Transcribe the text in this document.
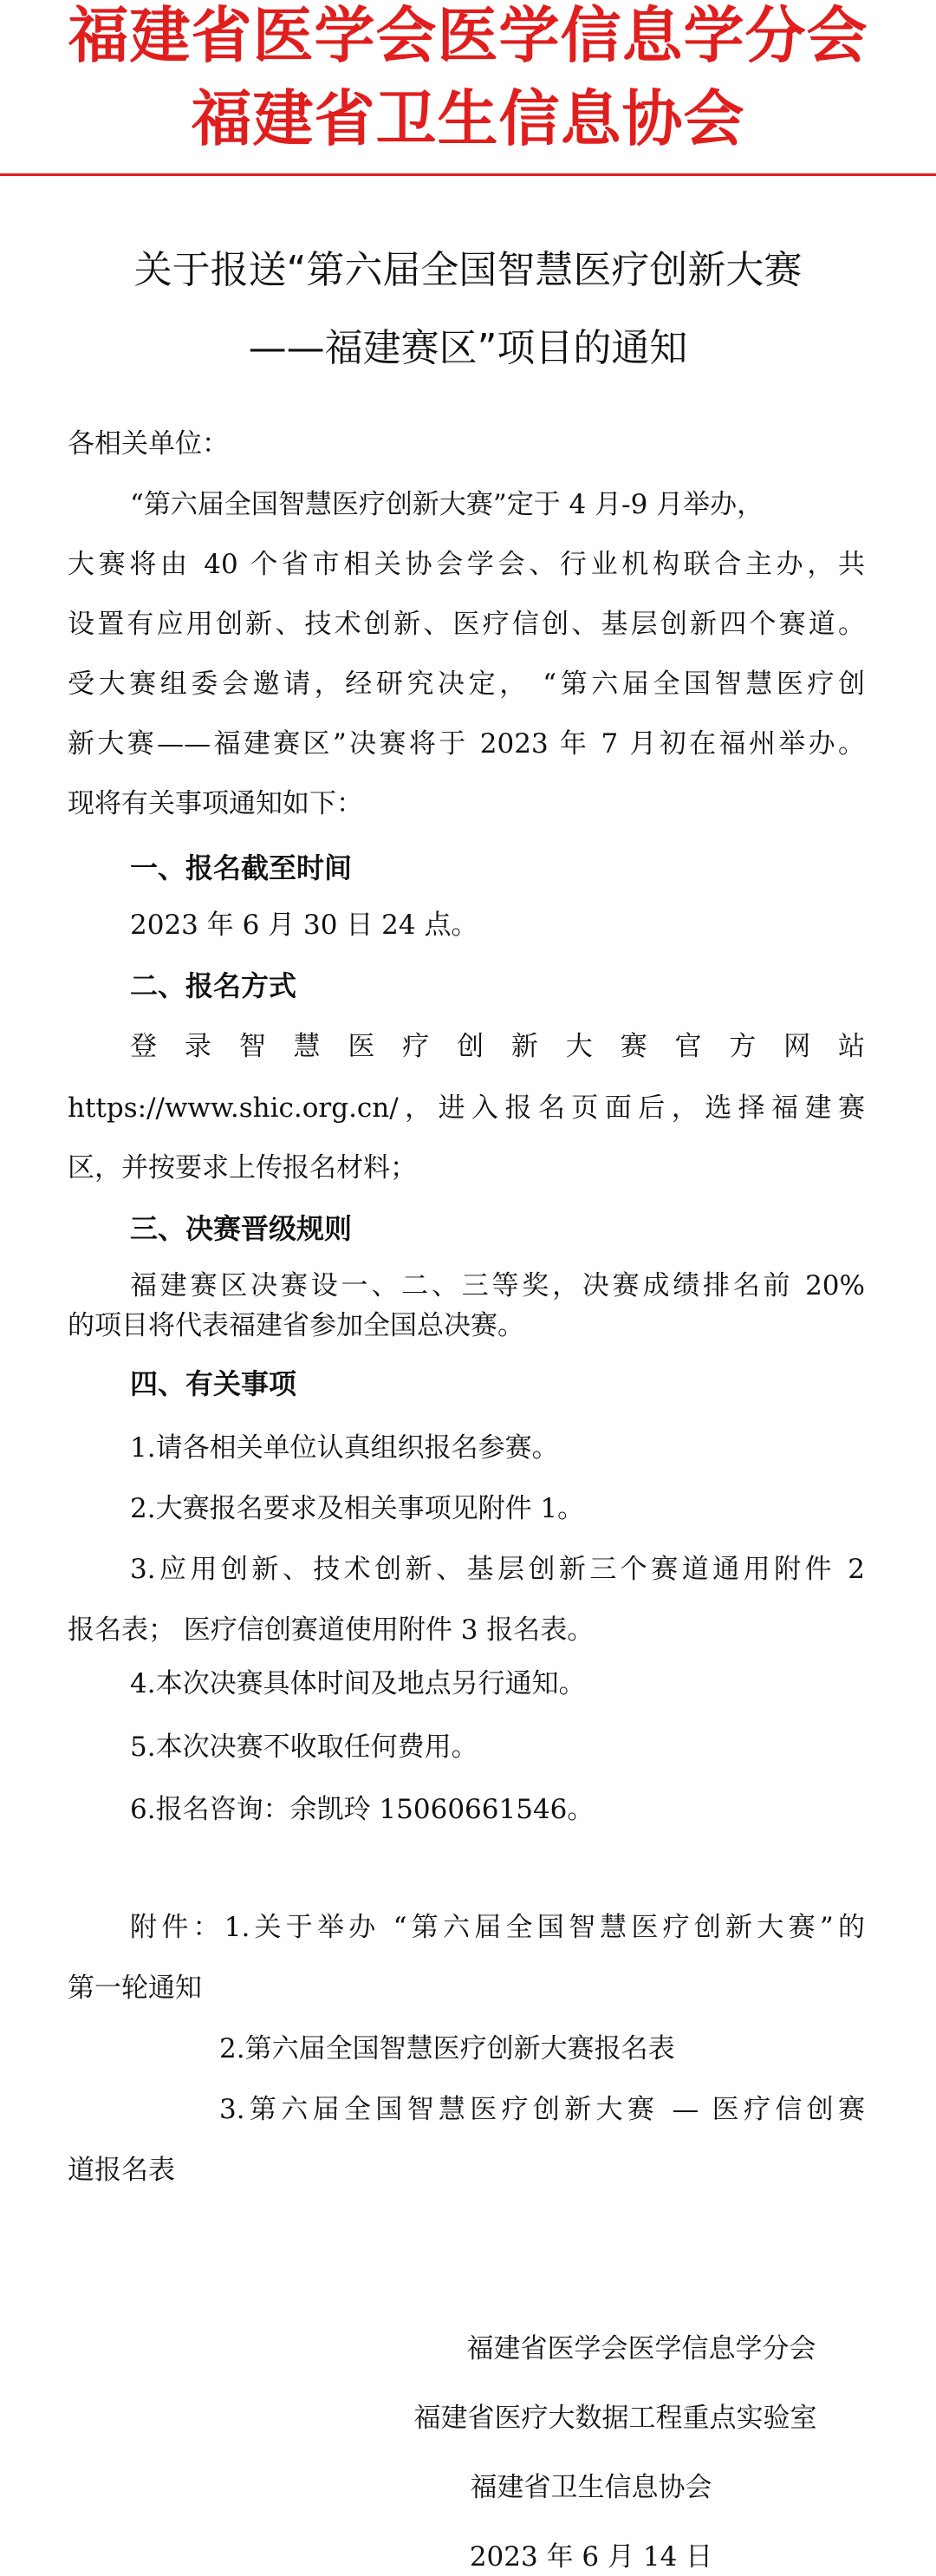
福建省医学会医学信息学分会
福建省卫生信息协会
关于报送“第六届全国智慧医疗创新大赛
——福建赛区”项目的通知
各相关单位：
“第六届全国智慧医疗创新大赛”定于 4 月-9 月举办，
大赛将由 40 个省市相关协会学会、行业机构联合主办，共
设置有应用创新、技术创新、医疗信创、基层创新四个赛道。
受大赛组委会邀请，经研究决定， “第六届全国智慧医疗创
新大赛——福建赛区”决赛将于 2023 年 7 月初在福州举办。
现将有关事项通知如下：
一、报名截至时间
2023 年 6 月 30 日 24 点。
二、报名方式
登 录 智 慧 医 疗 创 新 大 赛 官 方 网 站
https://www.shic.org.cn/，进入报名页面后，选择福建赛
区，并按要求上传报名材料；
三、决赛晋级规则
福建赛区决赛设一、二、三等奖，决赛成绩排名前 20%
的项目将代表福建省参加全国总决赛。
四、有关事项
1.请各相关单位认真组织报名参赛。
2.大赛报名要求及相关事项见附件 1。
3.应用创新、技术创新、基层创新三个赛道通用附件 2
报名表； 医疗信创赛道使用附件 3 报名表。
4.本次决赛具体时间及地点另行通知。
5.本次决赛不收取任何费用。
6.报名咨询：余凯玲 15060661546。
附件：1.关于举办 “第六届全国智慧医疗创新大赛”的
第一轮通知
2.第六届全国智慧医疗创新大赛报名表
3.第六届全国智慧医疗创新大赛 — 医疗信创赛
道报名表
福建省医学会医学信息学分会
福建省医疗大数据工程重点实验室
福建省卫生信息协会
2023 年 6 月 14 日
